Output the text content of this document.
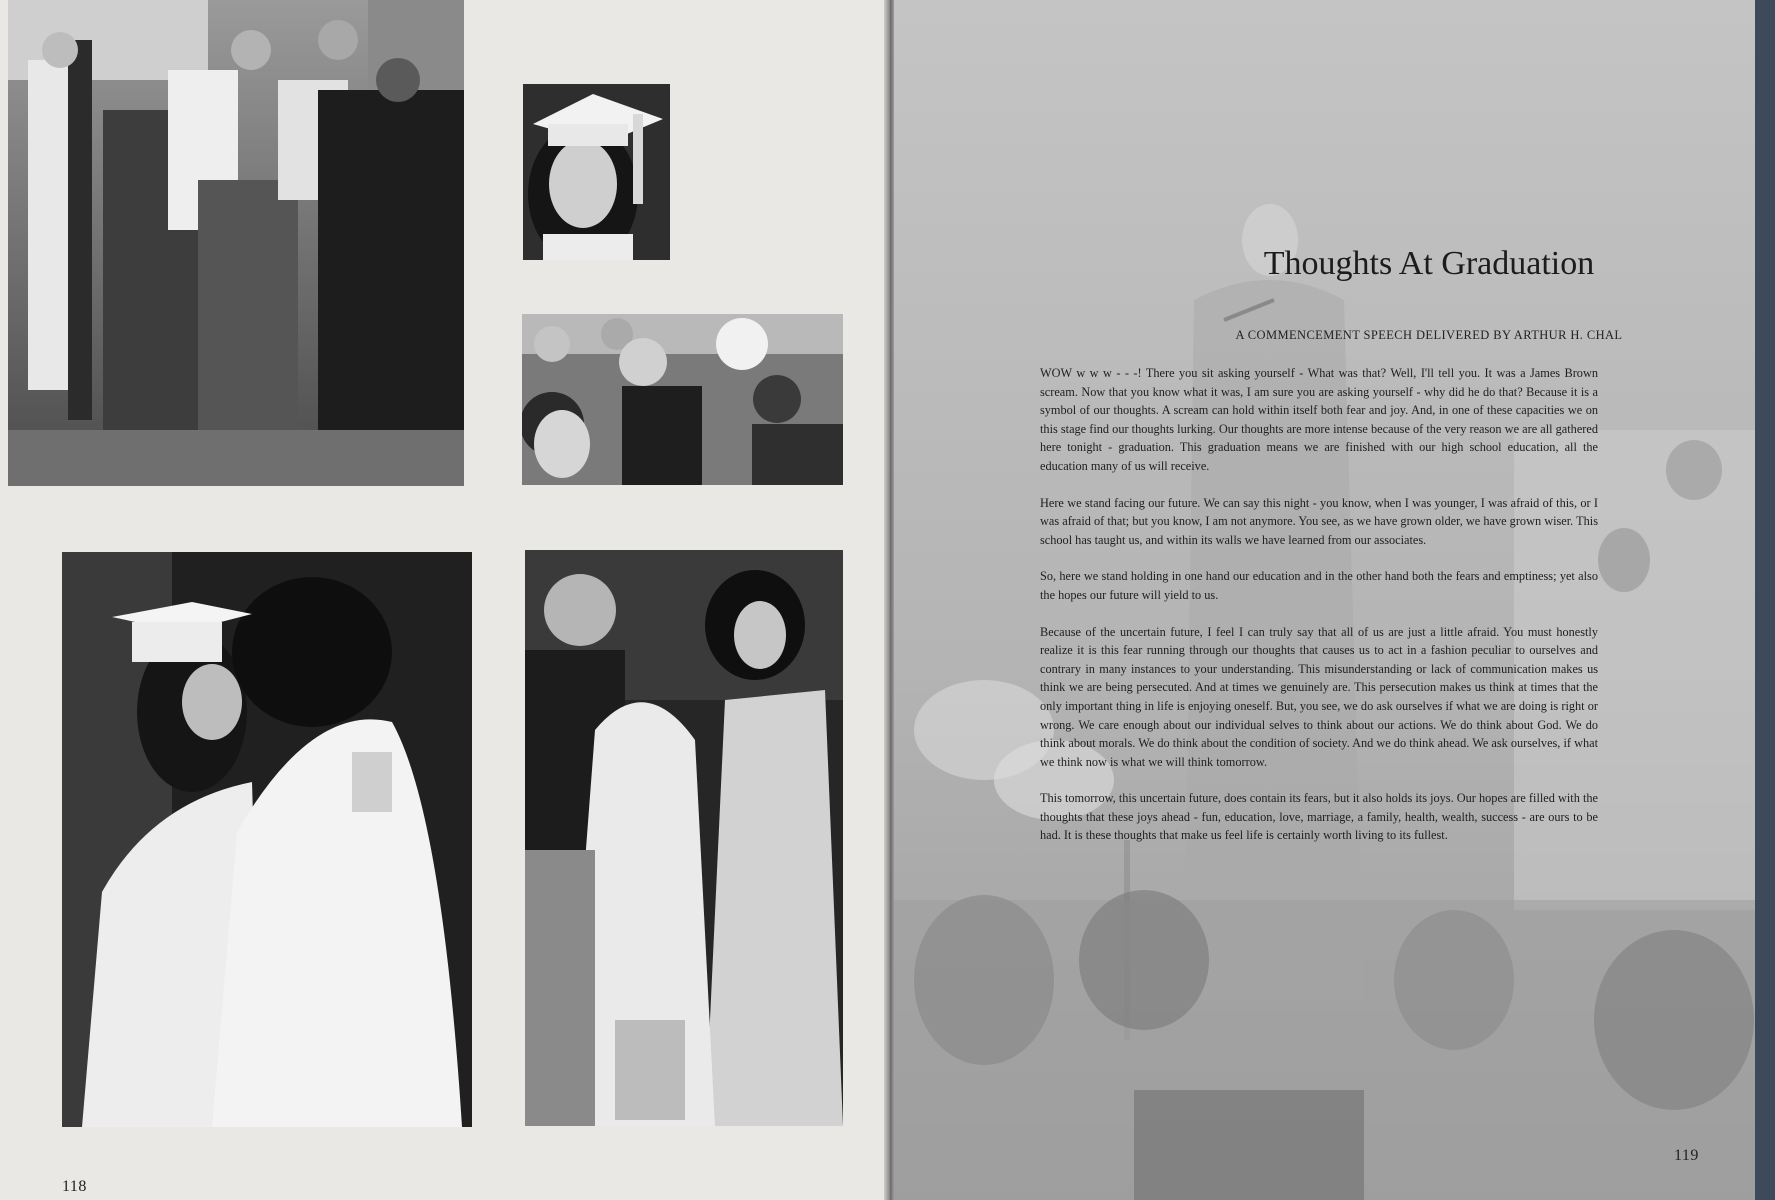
118
Thoughts At Graduation
A COMMENCEMENT SPEECH DELIVERED BY ARTHUR H. CHAL

WOW w w w - - -! There you sit asking yourself - What was that? Well, I'll tell you. It was a James Brown scream. Now that you know what it was, I am sure you are asking yourself - why did he do that? Because it is a symbol of our thoughts. A scream can hold within itself both fear and joy. And, in one of these capacities we on this stage find our thoughts lurking. Our thoughts are more intense because of the very reason we are all gathered here tonight - graduation. This graduation means we are finished with our high school education, all the education many of us will receive.

Here we stand facing our future. We can say this night - you know, when I was younger, I was afraid of this, or I was afraid of that; but you know, I am not anymore. You see, as we have grown older, we have grown wiser. This school has taught us, and within its walls we have learned from our associates.

So, here we stand holding in one hand our education and in the other hand both the fears and emptiness; yet also the hopes our future will yield to us.

Because of the uncertain future, I feel I can truly say that all of us are just a little afraid. You must honestly realize it is this fear running through our thoughts that causes us to act in a fashion peculiar to ourselves and contrary in many instances to your understanding. This misunderstanding or lack of communication makes us think we are being persecuted. And at times we genuinely are. This persecution makes us think at times that the only important thing in life is enjoying oneself. But, you see, we do ask ourselves if what we are doing is right or wrong. We care enough about our individual selves to think about our actions. We do think about God. We do think about morals. We do think about the condition of society. And we do think ahead. We ask ourselves, if what we think now is what we will think tomorrow.

This tomorrow, this uncertain future, does contain its fears, but it also holds its joys. Our hopes are filled with the thoughts that these joys ahead - fun, education, love, marriage, a family, health, wealth, success - are ours to be had. It is these thoughts that make us feel life is certainly worth living to its fullest.

119
